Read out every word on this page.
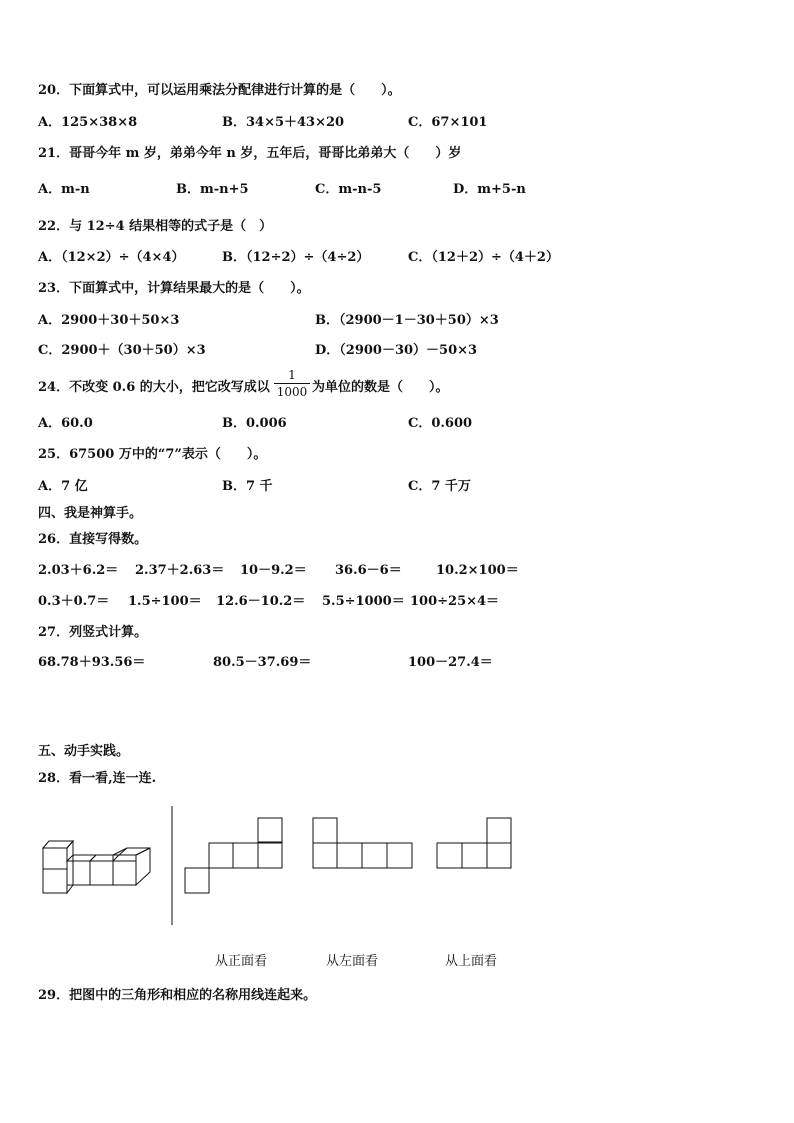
20．下面算式中，可以运用乘法分配律进行计算的是（　　）。
A．125×38×8	B．34×5＋43×20	C．67×101
21．哥哥今年 m 岁，弟弟今年 n 岁，五年后，哥哥比弟弟大（　　）岁
A．m-n	B．m-n+5	C．m-n-5	D．m+5-n
22．与 12÷4 结果相等的式子是（　）
A．（12×2）÷（4×4）	B．（12÷2）÷（4÷2）	C．（12＋2）÷（4＋2）
23．下面算式中，计算结果最大的是（　　）。
A．2900＋30＋50×3	B．（2900－1－30＋50）×3
C．2900＋（30＋50）×3	D．（2900－30）－50×3
24．不改变 0.6 的大小，把它改写成以
1
1000 为单位的数是（　　）。
A．60.0	B．0.006	C．0.600
25．67500 万中的“7”表示（　　）。
A．7 亿	B．7 千	C．7 千万
四、我是神算手。
26．直接写得数。
2.03＋6.2＝ 2.37＋2.63＝ 10－9.2＝ 36.6－6＝	10.2×100＝
0.3＋0.7＝ 1.5÷100＝ 12.6－10.2＝ 5.5÷1000＝ 100÷25×4＝
27．列竖式计算。
68.78＋93.56＝	80.5－37.69＝	100－27.4＝
五、动手实践。
28．看一看,连一连.
从正面看	从左面看	从上面看
29．把图中的三角形和相应的名称用线连起来。
